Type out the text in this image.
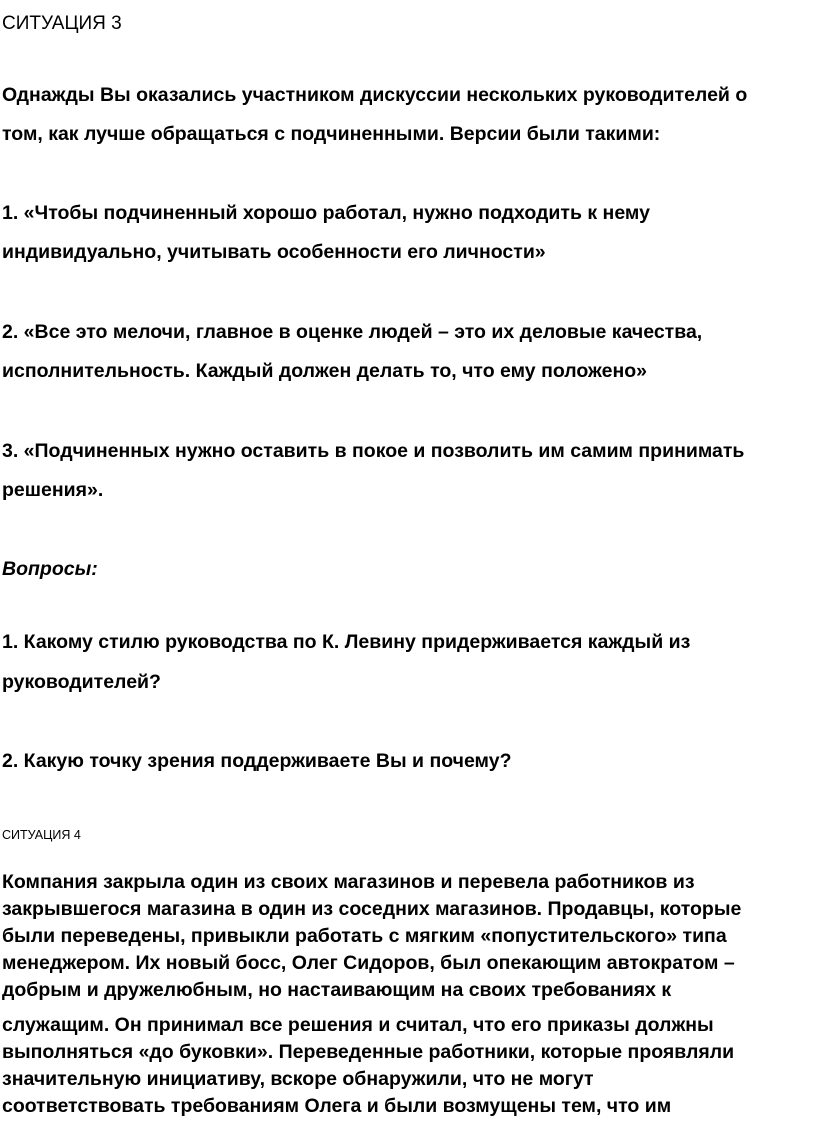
СИТУАЦИЯ 3
Однажды Вы оказались участником дискуссии нескольких руководителей о
том, как лучше обращаться с подчиненными. Версии были такими:
1. «Чтобы подчиненный хорошо работал, нужно подходить к нему
индивидуально, учитывать особенности его личности»
2. «Все это мелочи, главное в оценке людей – это их деловые качества,
исполнительность. Каждый должен делать то, что ему положено»
3. «Подчиненных нужно оставить в покое и позволить им самим принимать
решения».
Вопросы:
1. Какому стилю руководства по К. Левину придерживается каждый из
руководителей?
2. Какую точку зрения поддерживаете Вы и почему?
СИТУАЦИЯ 4
Компания закрыла один из своих магазинов и перевела работников из
закрывшегося магазина в один из соседних магазинов. Продавцы, которые
были переведены, привыкли работать с мягким «попустительского» типа
менеджером. Их новый босс, Олег Сидоров, был опекающим автократом –
добрым и дружелюбным, но настаивающим на своих требованиях к
служащим. Он принимал все решения и считал, что его приказы должны
выполняться «до буковки». Переведенные работники, которые проявляли
значительную инициативу, вскоре обнаружили, что не могут
соответствовать требованиям Олега и были возмущены тем, что им
